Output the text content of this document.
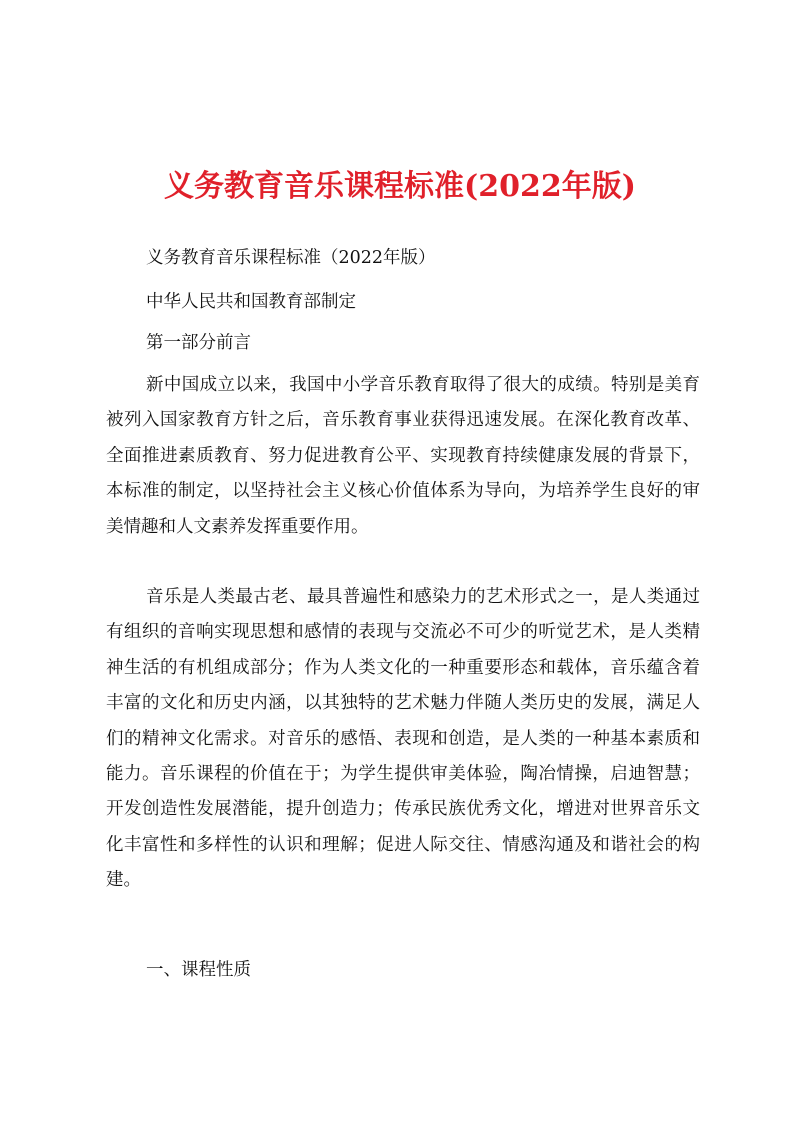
义务教育音乐课程标准(2022年版)

义务教育音乐课程标准（2022年版）

中华人民共和国教育部制定

第一部分前言

新中国成立以来，我国中小学音乐教育取得了很大的成绩。特别是美育被列入国家教育方针之后，音乐教育事业获得迅速发展。在深化教育改革、全面推进素质教育、努力促进教育公平、实现教育持续健康发展的背景下，本标准的制定，以坚持社会主义核心价值体系为导向，为培养学生良好的审美情趣和人文素养发挥重要作用。

音乐是人类最古老、最具普遍性和感染力的艺术形式之一，是人类通过有组织的音响实现思想和感情的表现与交流必不可少的听觉艺术，是人类精神生活的有机组成部分；作为人类文化的一种重要形态和载体，音乐蕴含着丰富的文化和历史内涵，以其独特的艺术魅力伴随人类历史的发展，满足人们的精神文化需求。对音乐的感悟、表现和创造，是人类的一种基本素质和能力。音乐课程的价值在于；为学生提供审美体验，陶冶情操，启迪智慧；开发创造性发展潜能，提升创造力；传承民族优秀文化，增进对世界音乐文化丰富性和多样性的认识和理解；促进人际交往、情感沟通及和谐社会的构建。

一、课程性质
